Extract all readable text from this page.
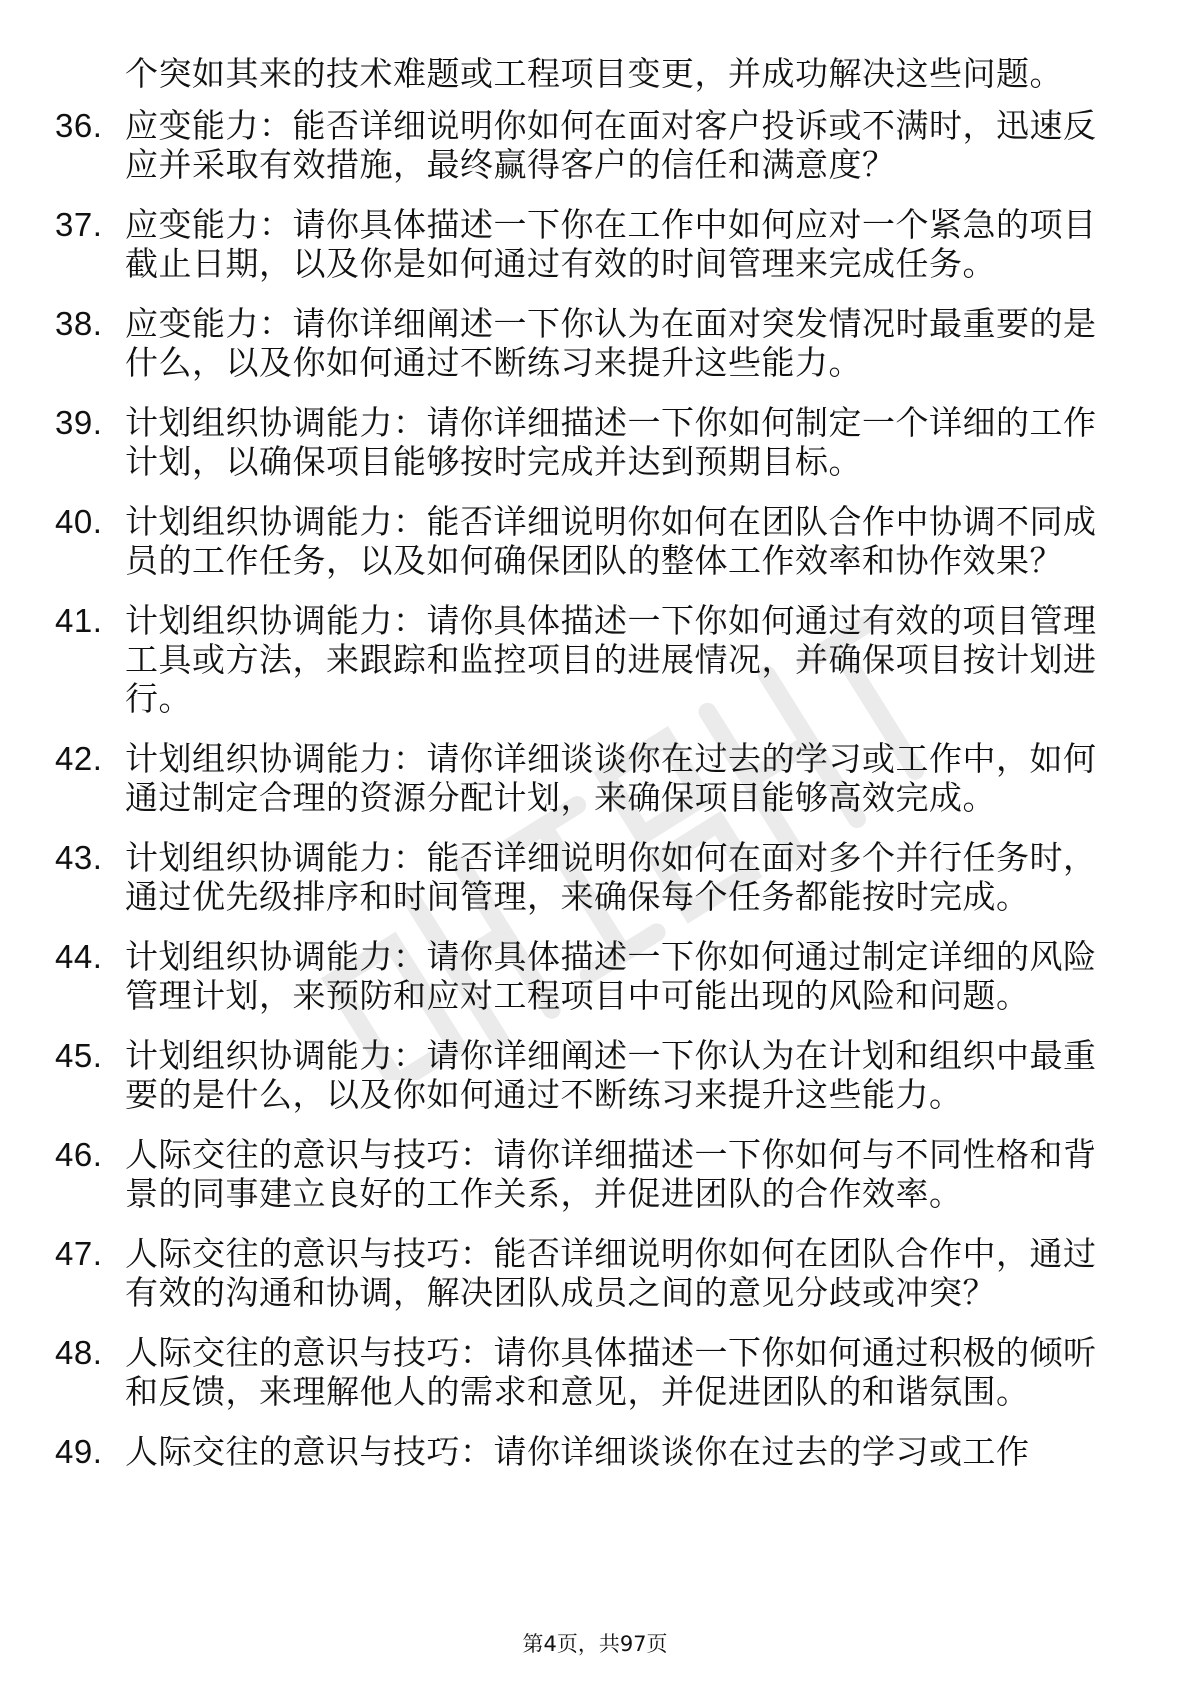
个突如其来的技术难题或工程项目变更，并成功解决这些问题。
36. 应变能力：能否详细说明你如何在面对客户投诉或不满时，迅速反应并采取有效措施，最终赢得客户的信任和满意度？
37. 应变能力：请你具体描述一下你在工作中如何应对一个紧急的项目截止日期，以及你是如何通过有效的时间管理来完成任务。
38. 应变能力：请你详细阐述一下你认为在面对突发情况时最重要的是什么，以及你如何通过不断练习来提升这些能力。
39. 计划组织协调能力：请你详细描述一下你如何制定一个详细的工作计划，以确保项目能够按时完成并达到预期目标。
40. 计划组织协调能力：能否详细说明你如何在团队合作中协调不同成员的工作任务，以及如何确保团队的整体工作效率和协作效果？
41. 计划组织协调能力：请你具体描述一下你如何通过有效的项目管理工具或方法，来跟踪和监控项目的进展情况，并确保项目按计划进行。
42. 计划组织协调能力：请你详细谈谈你在过去的学习或工作中，如何通过制定合理的资源分配计划，来确保项目能够高效完成。
43. 计划组织协调能力：能否详细说明你如何在面对多个并行任务时，通过优先级排序和时间管理，来确保每个任务都能按时完成。
44. 计划组织协调能力：请你具体描述一下你如何通过制定详细的风险管理计划，来预防和应对工程项目中可能出现的风险和问题。
45. 计划组织协调能力：请你详细阐述一下你认为在计划和组织中最重要的是什么，以及你如何通过不断练习来提升这些能力。
46. 人际交往的意识与技巧：请你详细描述一下你如何与不同性格和背景的同事建立良好的工作关系，并促进团队的合作效率。
47. 人际交往的意识与技巧：能否详细说明你如何在团队合作中，通过有效的沟通和协调，解决团队成员之间的意见分歧或冲突？
48. 人际交往的意识与技巧：请你具体描述一下你如何通过积极的倾听和反馈，来理解他人的需求和意见，并促进团队的和谐氛围。
49. 人际交往的意识与技巧：请你详细谈谈你在过去的学习或工作
第4页，共97页
